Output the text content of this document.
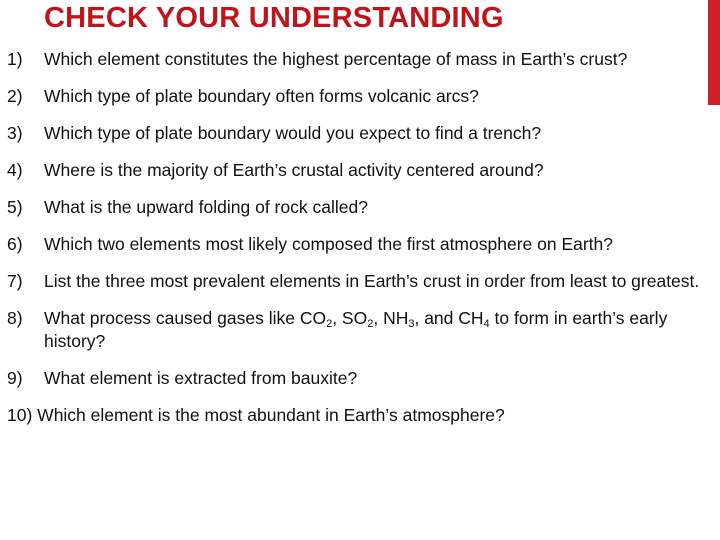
CHECK YOUR UNDERSTANDING
1) Which element constitutes the highest percentage of mass in Earth’s crust?
2) Which type of plate boundary often forms volcanic arcs?
3) Which type of plate boundary would you expect to find a trench?
4) Where is the majority of Earth’s crustal activity centered around?
5) What is the upward folding of rock called?
6) Which two elements most likely composed the first atmosphere on Earth?
7) List the three most prevalent elements in Earth’s crust in order from least to greatest.
8) What process caused gases like $CO_2$, $SO_2$, $NH_3$, and $CH_4$ to form in earth’s early history?
9) What element is extracted from bauxite?
10) Which element is the most abundant in Earth’s atmosphere?
